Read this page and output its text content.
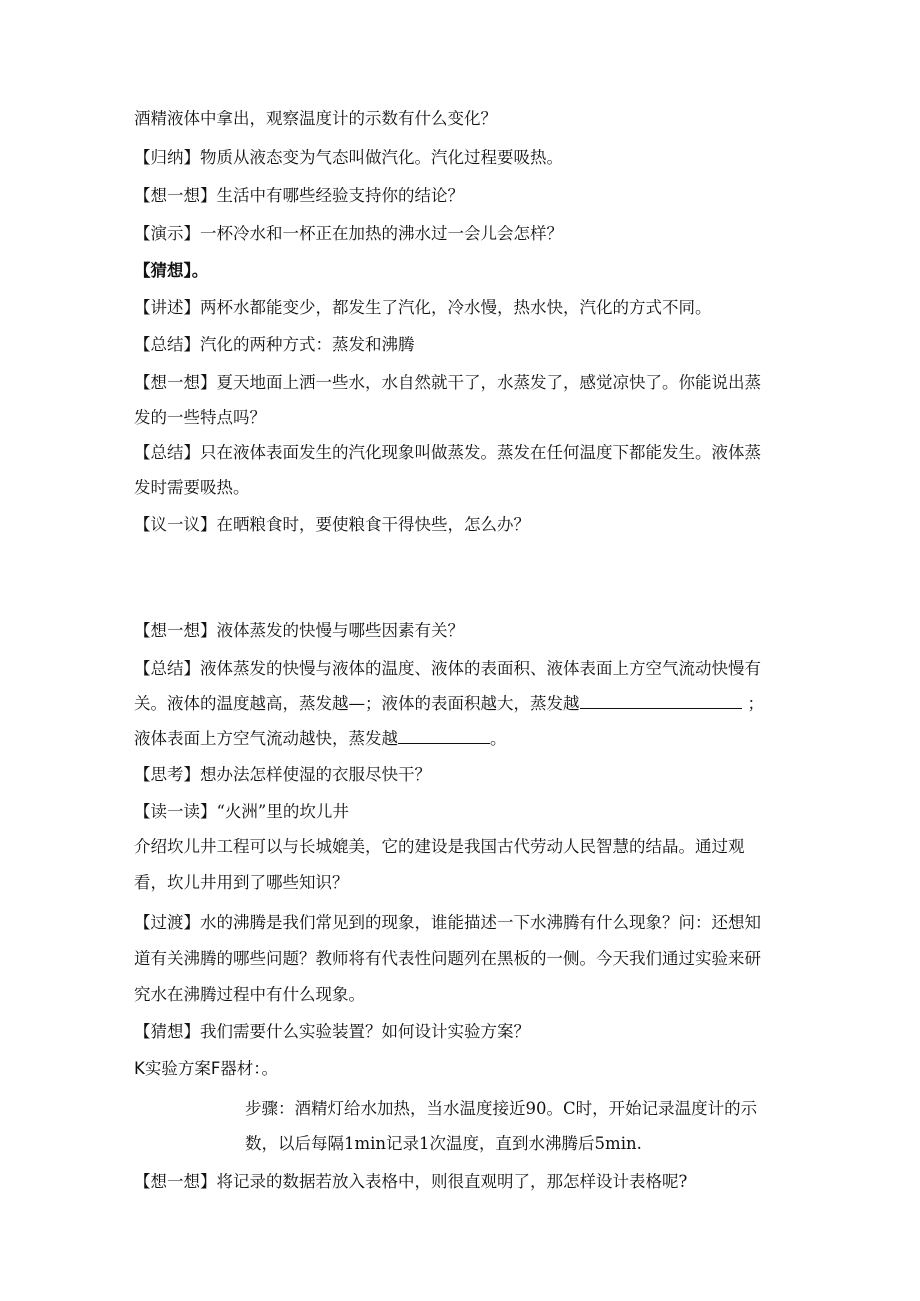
酒精液体中拿出，观察温度计的示数有什么变化？
【归纳】物质从液态变为气态叫做汽化。汽化过程要吸热。
【想一想】生活中有哪些经验支持你的结论？
【演示】一杯冷水和一杯正在加热的沸水过一会儿会怎样？
【猜想】。
【讲述】两杯水都能变少，都发生了汽化，冷水慢，热水快，汽化的方式不同。
【总结】汽化的两种方式：蒸发和沸腾
【想一想】夏天地面上洒一些水，水自然就干了，水蒸发了，感觉凉快了。你能说出蒸
发的一些特点吗？
【总结】只在液体表面发生的汽化现象叫做蒸发。蒸发在任何温度下都能发生。液体蒸
发时需要吸热。
【议一议】在晒粮食时，要使粮食干得快些，怎么办？
【想一想】液体蒸发的快慢与哪些因素有关？
【总结】液体蒸发的快慢与液体的温度、液体的表面积、液体表面上方空气流动快慢有
关。液体的温度越高，蒸发越—；液体的表面积越大，蒸发越	；
液体表面上方空气流动越快，蒸发越	。
【思考】想办法怎样使湿的衣服尽快干？
【读一读】“火洲”里的坎儿井
介绍坎儿井工程可以与长城媲美，它的建设是我国古代劳动人民智慧的结晶。通过观
看，坎儿井用到了哪些知识？
【过渡】水的沸腾是我们常见到的现象，谁能描述一下水沸腾有什么现象？问：还想知
道有关沸腾的哪些问题？教师将有代表性问题列在黑板的一侧。今天我们通过实验来研
究水在沸腾过程中有什么现象。
【猜想】我们需要什么实验装置？如何设计实验方案？
K实验方案F器材：。
步骤：酒精灯给水加热，当水温度接近90。C时，开始记录温度计的示
数，以后每隔1min记录1次温度，直到水沸腾后5min.
【想一想】将记录的数据若放入表格中，则很直观明了，那怎样设计表格呢?
